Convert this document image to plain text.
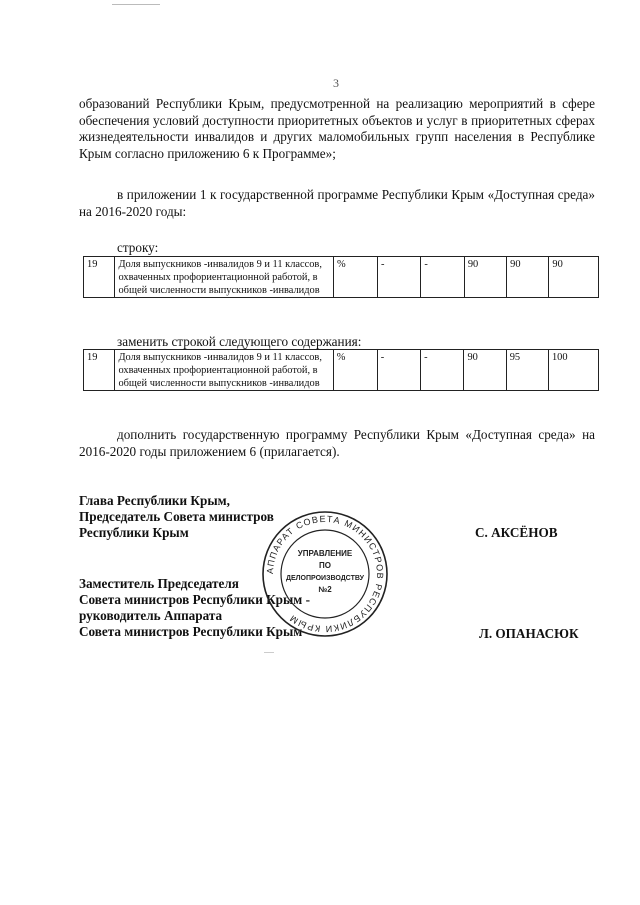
3
образований Республики Крым, предусмотренной на реализацию мероприятий в сфере обеспечения условий доступности приоритетных объектов и услуг в приоритетных сферах жизнедеятельности инвалидов и других маломобильных групп населения в Республике Крым согласно приложению 6 к Программе»;
в приложении 1 к государственной программе Республики Крым «Доступная среда» на 2016-2020 годы:
строку:
19	Доля выпускников -инвалидов 9 и 11 классов, охваченных профориентационной работой, в общей численности выпускников -инвалидов	%	-	-	90	90	90
заменить строкой следующего содержания:
19	Доля выпускников -инвалидов 9 и 11 классов, охваченных профориентационной работой, в общей численности выпускников -инвалидов	%	-	-	90	95	100
дополнить государственную программу Республики Крым «Доступная среда» на 2016-2020 годы приложением 6 (прилагается).
Глава Республики Крым,
Председатель Совета министров
Республики Крым	С. АКСЁНОВ
Заместитель Председателя
Совета министров Республики Крым -
руководитель Аппарата
Совета министров Республики Крым	Л. ОПАНАСЮК
АППАРАТ СОВЕТА МИНИСТРОВ РЕСПУБЛИКИ КРЫМ
УПРАВЛЕНИЕ
ПО
ДЕЛОПРОИЗВОДСТВУ
№2
